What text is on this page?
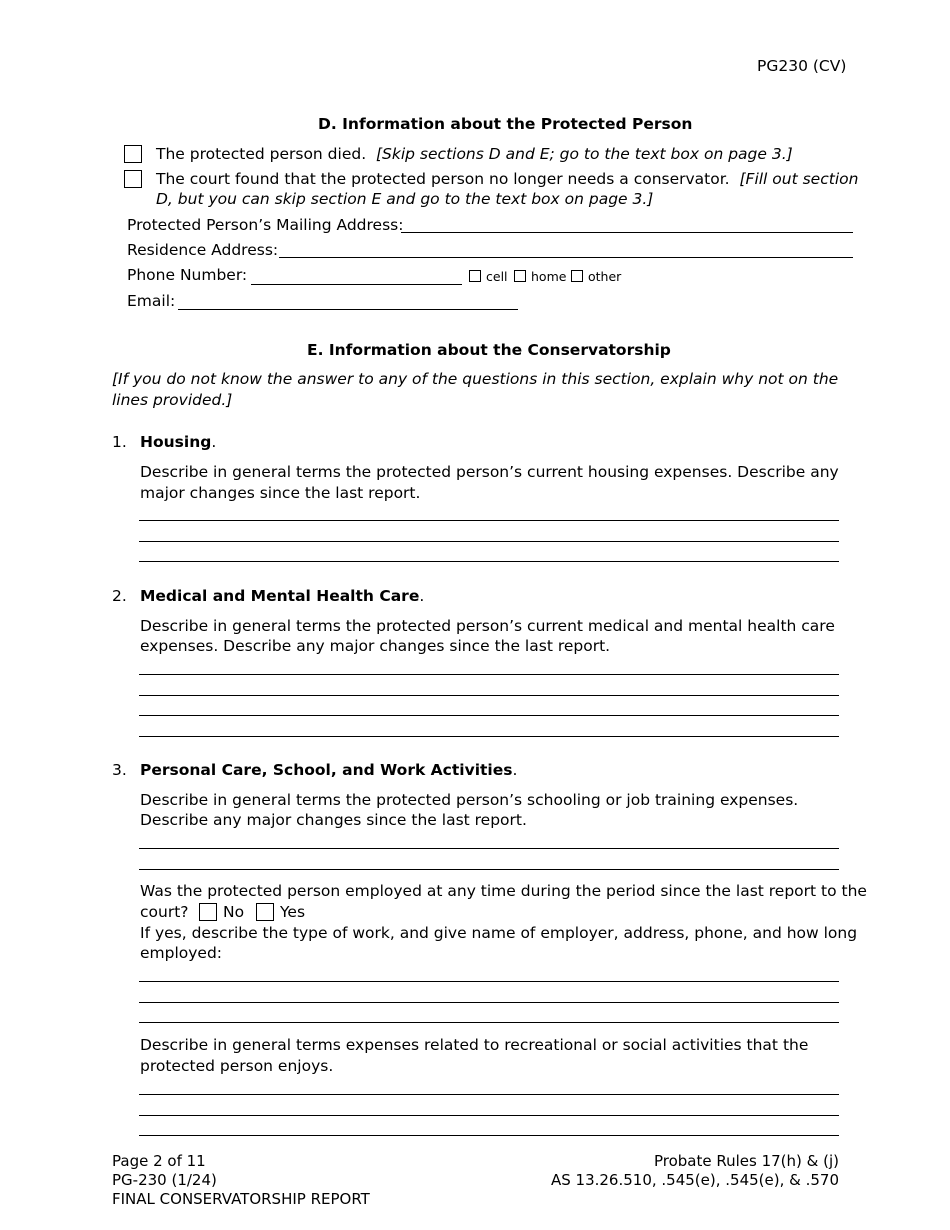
PG230 (CV)
D. Information about the Protected Person
The protected person died. [Skip sections D and E; go to the text box on page 3.]
The court found that the protected person no longer needs a conservator. [Fill out section
D, but you can skip section E and go to the text box on page 3.]
Protected Person’s Mailing Address:
Residence Address:
Phone Number:	cell home other
Email:
E. Information about the Conservatorship
[If you do not know the answer to any of the questions in this section, explain why not on the
lines provided.]
1. Housing.
Describe in general terms the protected person’s current housing expenses. Describe any
major changes since the last report.
2. Medical and Mental Health Care.
Describe in general terms the protected person’s current medical and mental health care
expenses. Describe any major changes since the last report.
3. Personal Care, School, and Work Activities.
Describe in general terms the protected person’s schooling or job training expenses.
Describe any major changes since the last report.
Was the protected person employed at any time during the period since the last report to the
court? No Yes
If yes, describe the type of work, and give name of employer, address, phone, and how long
employed:
Describe in general terms expenses related to recreational or social activities that the
protected person enjoys.
Page 2 of 11
PG-230 (1/24)
FINAL CONSERVATORSHIP REPORT
Probate Rules 17(h) & (j)
AS 13.26.510, .545(e), .545(e), & .570
